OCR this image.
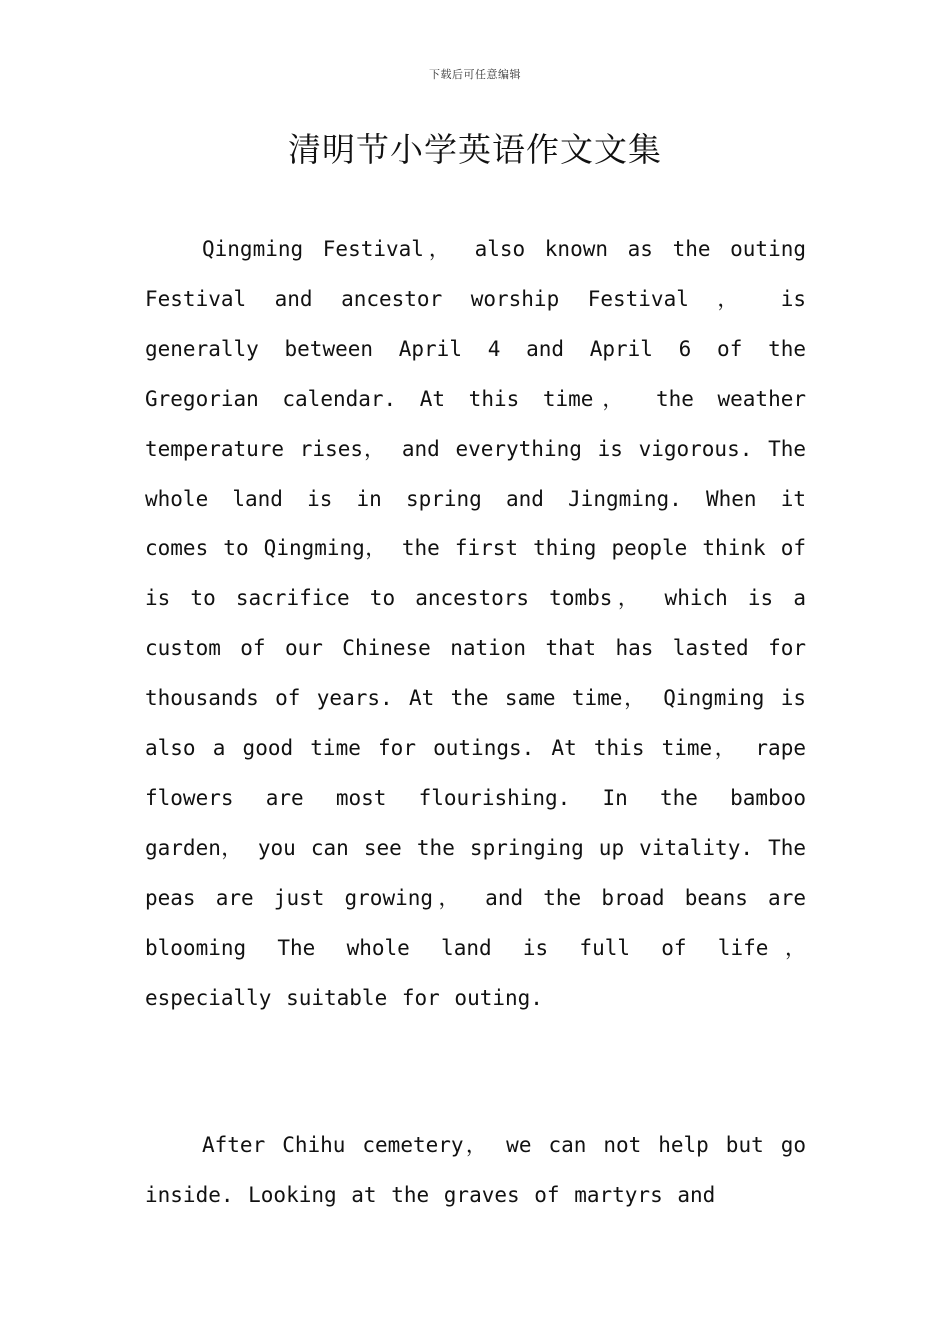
下载后可任意编辑
清明节小学英语作文文集

Qingming Festival， also known as the outing Festival and ancestor worship Festival ， is generally between April 4 and April 6 of the Gregorian calendar. At this time， the weather temperature rises， and everything is vigorous. The whole land is in spring and Jingming. When it comes to Qingming， the first thing people think of is to sacrifice to ancestors tombs， which is a custom of our Chinese nation that has lasted for thousands of years. At the same time， Qingming is also a good time for outings. At this time， rape flowers are most flourishing. In the bamboo garden， you can see the springing up vitality. The peas are just growing， and the broad beans are blooming The whole land is full of life， especially suitable for outing.

After Chihu cemetery， we can not help but go inside. Looking at the graves of martyrs and
